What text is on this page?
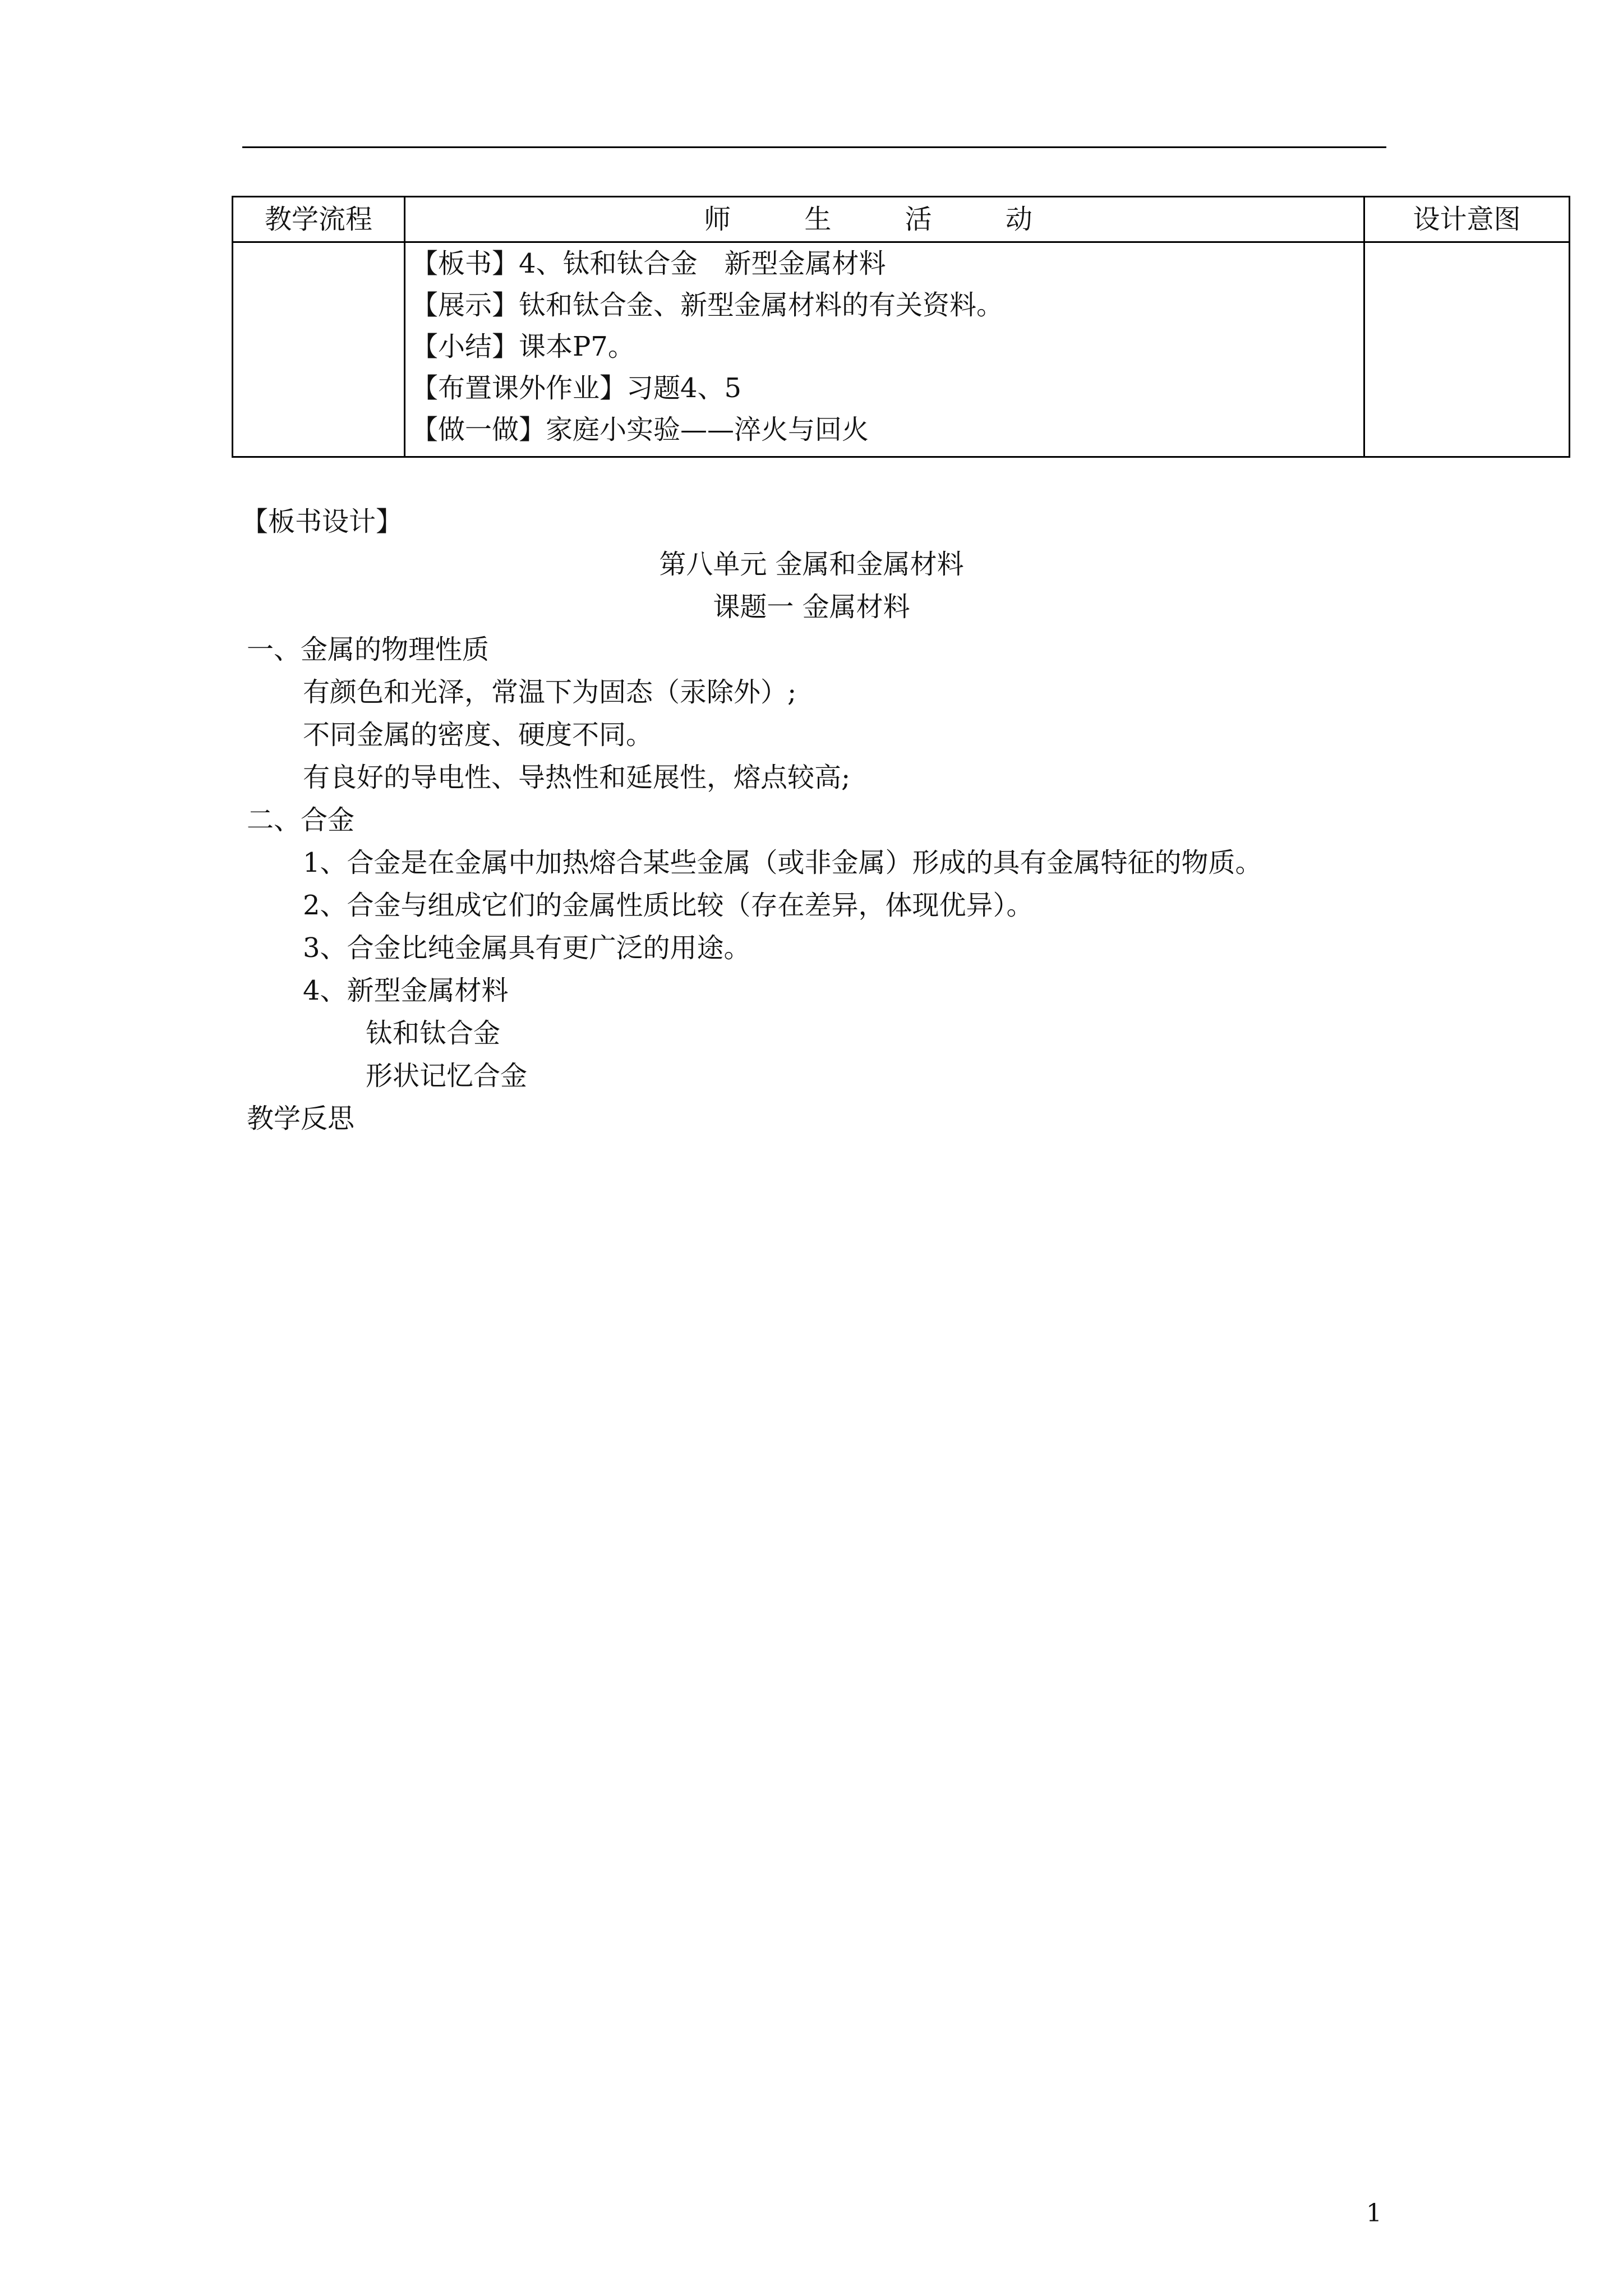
教学流程	师 生 活 动	设计意图

	【板书】4、钛和钛合金　新型金属材料
【展示】钛和钛合金、新型金属材料的有关资料。
【小结】课本P7。
【布置课外作业】习题4、5
【做一做】家庭小实验——淬火与回火	

【板书设计】
第八单元 金属和金属材料
课题一 金属材料
一、金属的物理性质
有颜色和光泽，常温下为固态（汞除外）;
不同金属的密度、硬度不同。
有良好的导电性、导热性和延展性，熔点较高;
二、合金
1、合金是在金属中加热熔合某些金属（或非金属）形成的具有金属特征的物质。
2、合金与组成它们的金属性质比较（存在差异，体现优异）。
3、合金比纯金属具有更广泛的用途。
4、新型金属材料
钛和钛合金
形状记忆合金
教学反思
1
